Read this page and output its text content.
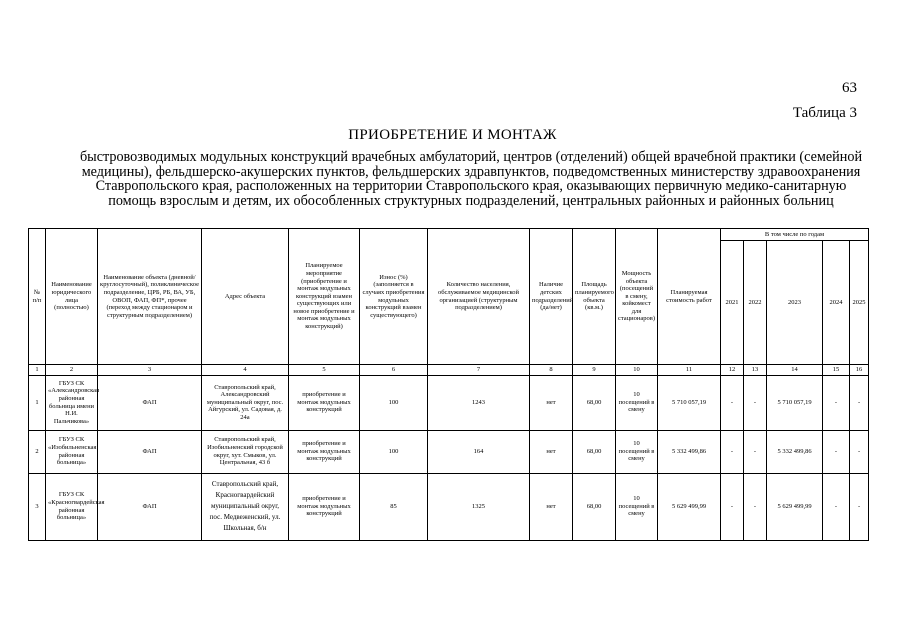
63
Таблица 3
ПРИОБРЕТЕНИЕ И МОНТАЖ
быстровозводимых модульных конструкций врачебных амбулаторий, центров (отделений) общей врачебной практики (семейной медицины), фельдшерско-акушерских пунктов, фельдшерских здравпунктов, подведомственных министерству здравоохранения Ставропольского края, расположенных на территории Ставропольского края, оказывающих первичную медико-санитарную помощь взрослым и детям, их обособленных структурных подразделений, центральных районных и районных больниц
№ п/п	Наименование юридического лица (полностью)	Наименование объекта (дневной/круглосуточный), поликлиническое подразделение, ЦРБ, РБ, ВА, УБ, ОВОП, ФАП, ФП*, прочее (переход между стационаром и структурным подразделением)	Адрес объекта	Планируемое мероприятие (приобретение и монтаж модульных конструкций взамен существующих или новое приобретение и монтаж модульных конструкций)	Износ (%) (заполняется в случаях приобретения модульных конструкций взамен существующего)	Количество населения, обслуживаемое медицинской организацией (структурным подразделением)	Наличие детских подразделений (да/нет)	Площадь планируемого объекта (кв.м.)	Мощность объекта (посещений в смену, койкомест для стационаров)	Планируемая стоимость работ	В том числе по годам				
											2021	2022	2023	2024	2025
1	2	3	4	5	6	7	8	9	10	11	12	13	14	15	16
1	ГБУЗ СК «Александровская районная больница имени Н.И. Пальчикова»	ФАП	Ставропольский край, Александровский муниципальный округ, пос. Айгурский, ул. Садовая, д. 24а	приобретение и монтаж модульных конструкций	100	1243	нет	68,00	10 посещений в смену	5 710 057,19	-	-	5 710 057,19	-	-
2	ГБУЗ СК «Изобильненская районная больница»	ФАП	Ставропольский край, Изобильненский городской округ, хут. Смыков, ул. Центральная, 43 б	приобретение и монтаж модульных конструкций	100	164	нет	68,00	10 посещений в смену	5 332 499,86	-	-	5 332 499,86	-	-
3	ГБУЗ СК «Красногвардейская районная больница»	ФАП	Ставропольский край, Красногвардейский муниципальный округ, пос. Медвеженский, ул. Школьная, б/н	приобретение и монтаж модульных конструкций	85	1325	нет	68,00	10 посещений в смену	5 629 499,99	-	-	5 629 499,99	-	-
